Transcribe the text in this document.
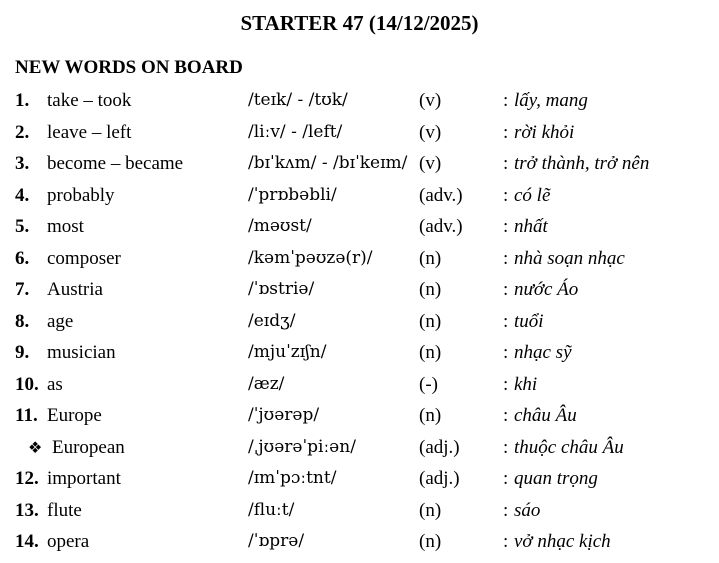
STARTER 47 (14/12/2025)
NEW WORDS ON BOARD
1. take – took	/teɪk/ - /tʊk/	(v)	: lấy, mang
2. leave – left	/liːv/ - /left/	(v)	: rời khỏi
3. become – became	/bɪˈkʌm/ - /bɪˈkeɪm/ (v)	: trở thành, trở nên
4. probably	/ˈprɒbəbli/	(adv.) : có lẽ
5. most	/məʊst/	(adv.) : nhất
6. composer	/kəmˈpəʊzə(r)/ (n)	: nhà soạn nhạc
7. Austria	/ˈɒstriə/	(n)	: nước Áo
8. age	/eɪdʒ/	(n)	: tuổi
9. musician	/mjuˈzɪʃn/	(n)	: nhạc sỹ
10. as	/æz/	(-)	: khi
11. Europe	/ˈjʊərəp/	(n)	: châu Âu
❖ European	/ˌjʊərəˈpiːən/	(adj.) : thuộc châu Âu
12. important	/ɪmˈpɔːtnt/	(adj.) : quan trọng
13. flute	/fluːt/	(n)	: sáo
14. opera	/ˈɒprə/	(n)	: vở nhạc kịch
